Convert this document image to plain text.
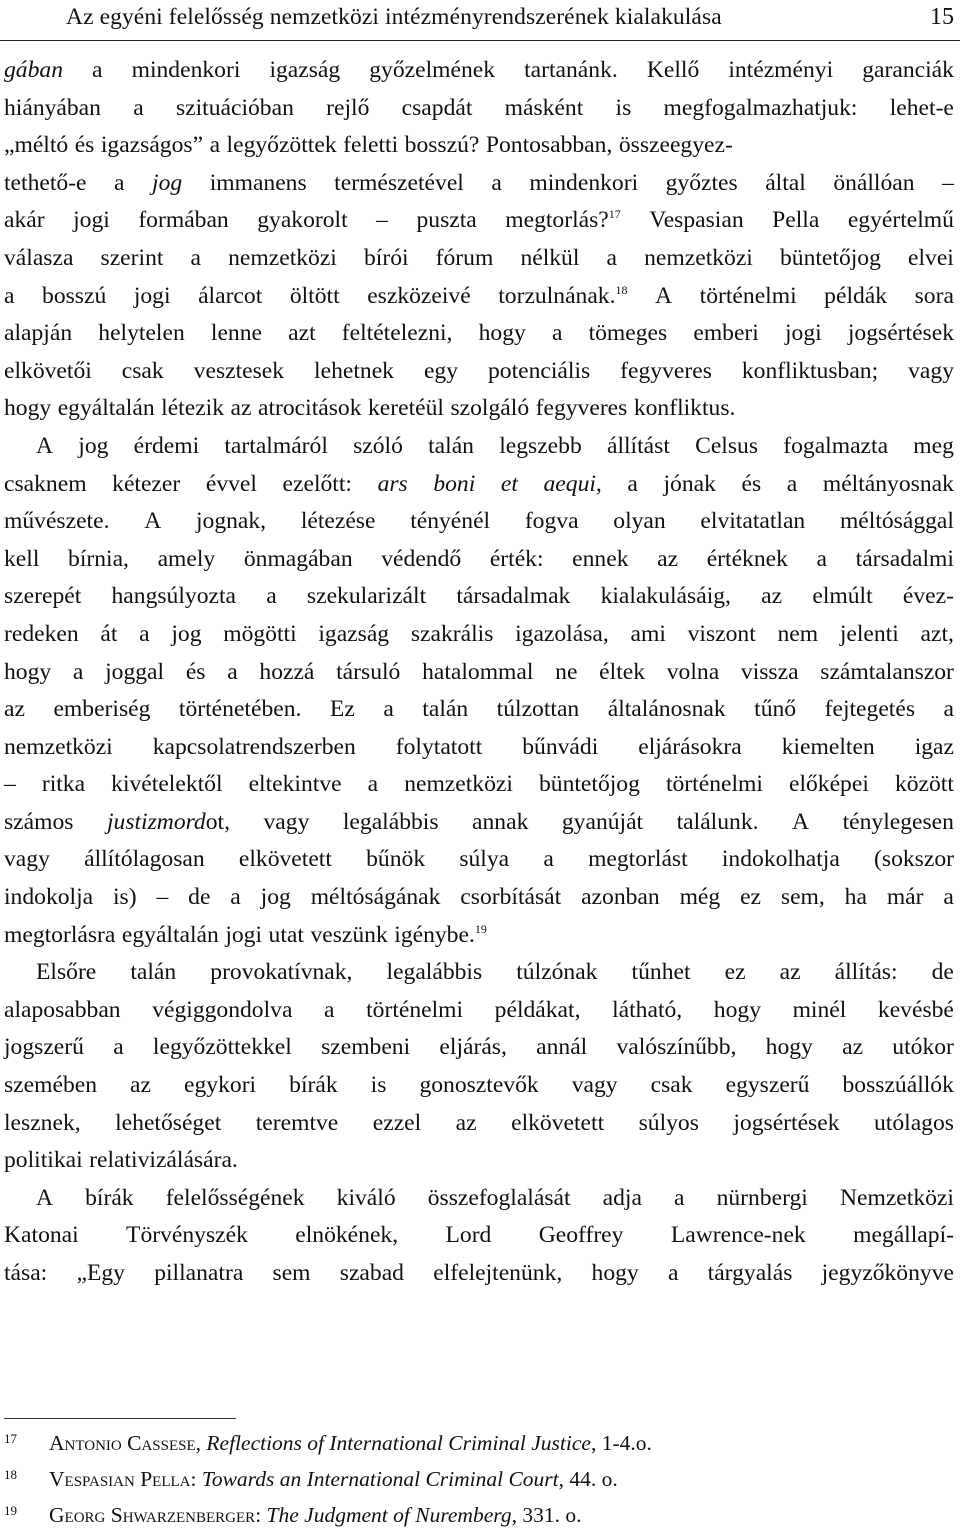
Az egyéni felelősség nemzetközi intézményrendszerének kialakulása	15
gában a mindenkori igazság győzelmének tartanánk. Kellő intézményi garanciák
hiányában a szituációban rejlő csapdát másként is megfogalmazhatjuk: lehet-e
„méltó és igazságos” a legyőzöttek feletti bosszú? Pontosabban, összeegyez-
tethető-e a jog immanens természetével a mindenkori győztes által önállóan –
akár jogi formában gyakorolt – puszta megtorlás?$^{17}$ Vespasian Pella egyértelmű
válasza szerint a nemzetközi bírói fórum nélkül a nemzetközi büntetőjog elvei
a bosszú jogi álarcot öltött eszközeivé torzulnának.$^{18}$ A történelmi példák sora
alapján helytelen lenne azt feltételezni, hogy a tömeges emberi jogi jogsértések
elkövetői csak vesztesek lehetnek egy potenciális fegyveres konfliktusban; vagy
hogy egyáltalán létezik az atrocitások keretéül szolgáló fegyveres konfliktus.
A jog érdemi tartalmáról szóló talán legszebb állítást Celsus fogalmazta meg
csaknem kétezer évvel ezelőtt: ars boni et aequi, a jónak és a méltányosnak
művészete. A jognak, létezése tényénél fogva olyan elvitatatlan méltósággal
kell bírnia, amely önmagában védendő érték: ennek az értéknek a társadalmi
szerepét hangsúlyozta a szekularizált társadalmak kialakulásáig, az elmúlt évez-
redeken át a jog mögötti igazság szakrális igazolása, ami viszont nem jelenti azt,
hogy a joggal és a hozzá társuló hatalommal ne éltek volna vissza számtalanszor
az emberiség történetében. Ez a talán túlzottan általánosnak tűnő fejtegetés a
nemzetközi kapcsolatrendszerben folytatott bűnvádi eljárásokra kiemelten igaz
– ritka kivételektől eltekintve a nemzetközi büntetőjog történelmi előképei között
számos justizmordot, vagy legalábbis annak gyanúját találunk. A ténylegesen
vagy állítólagosan elkövetett bűnök súlya a megtorlást indokolhatja (sokszor
indokolja is) – de a jog méltóságának csorbítását azonban még ez sem, ha már a
megtorlásra egyáltalán jogi utat veszünk igénybe.$^{19}$
Elsőre talán provokatívnak, legalábbis túlzónak tűnhet ez az állítás: de
alaposabban végiggondolva a történelmi példákat, látható, hogy minél kevésbé
jogszerű a legyőzöttekkel szembeni eljárás, annál valószínűbb, hogy az utókor
szemében az egykori bírák is gonosztevők vagy csak egyszerű bosszúállók
lesznek, lehetőséget teremtve ezzel az elkövetett súlyos jogsértések utólagos
politikai relativizálására.
A bírák felelősségének kiváló összefoglalását adja a nürnbergi Nemzetközi
Katonai Törvényszék elnökének, Lord Geoffrey Lawrence-nek megállapí-
tása: „Egy pillanatra sem szabad elfelejtenünk, hogy a tárgyalás jegyzőkönyve
17 Antonio Cassese, Reflections of International Criminal Justice, 1-4.o.
18 Vespasian Pella: Towards an International Criminal Court, 44. o.
19 Georg Shwarzenberger: The Judgment of Nuremberg, 331. o.
